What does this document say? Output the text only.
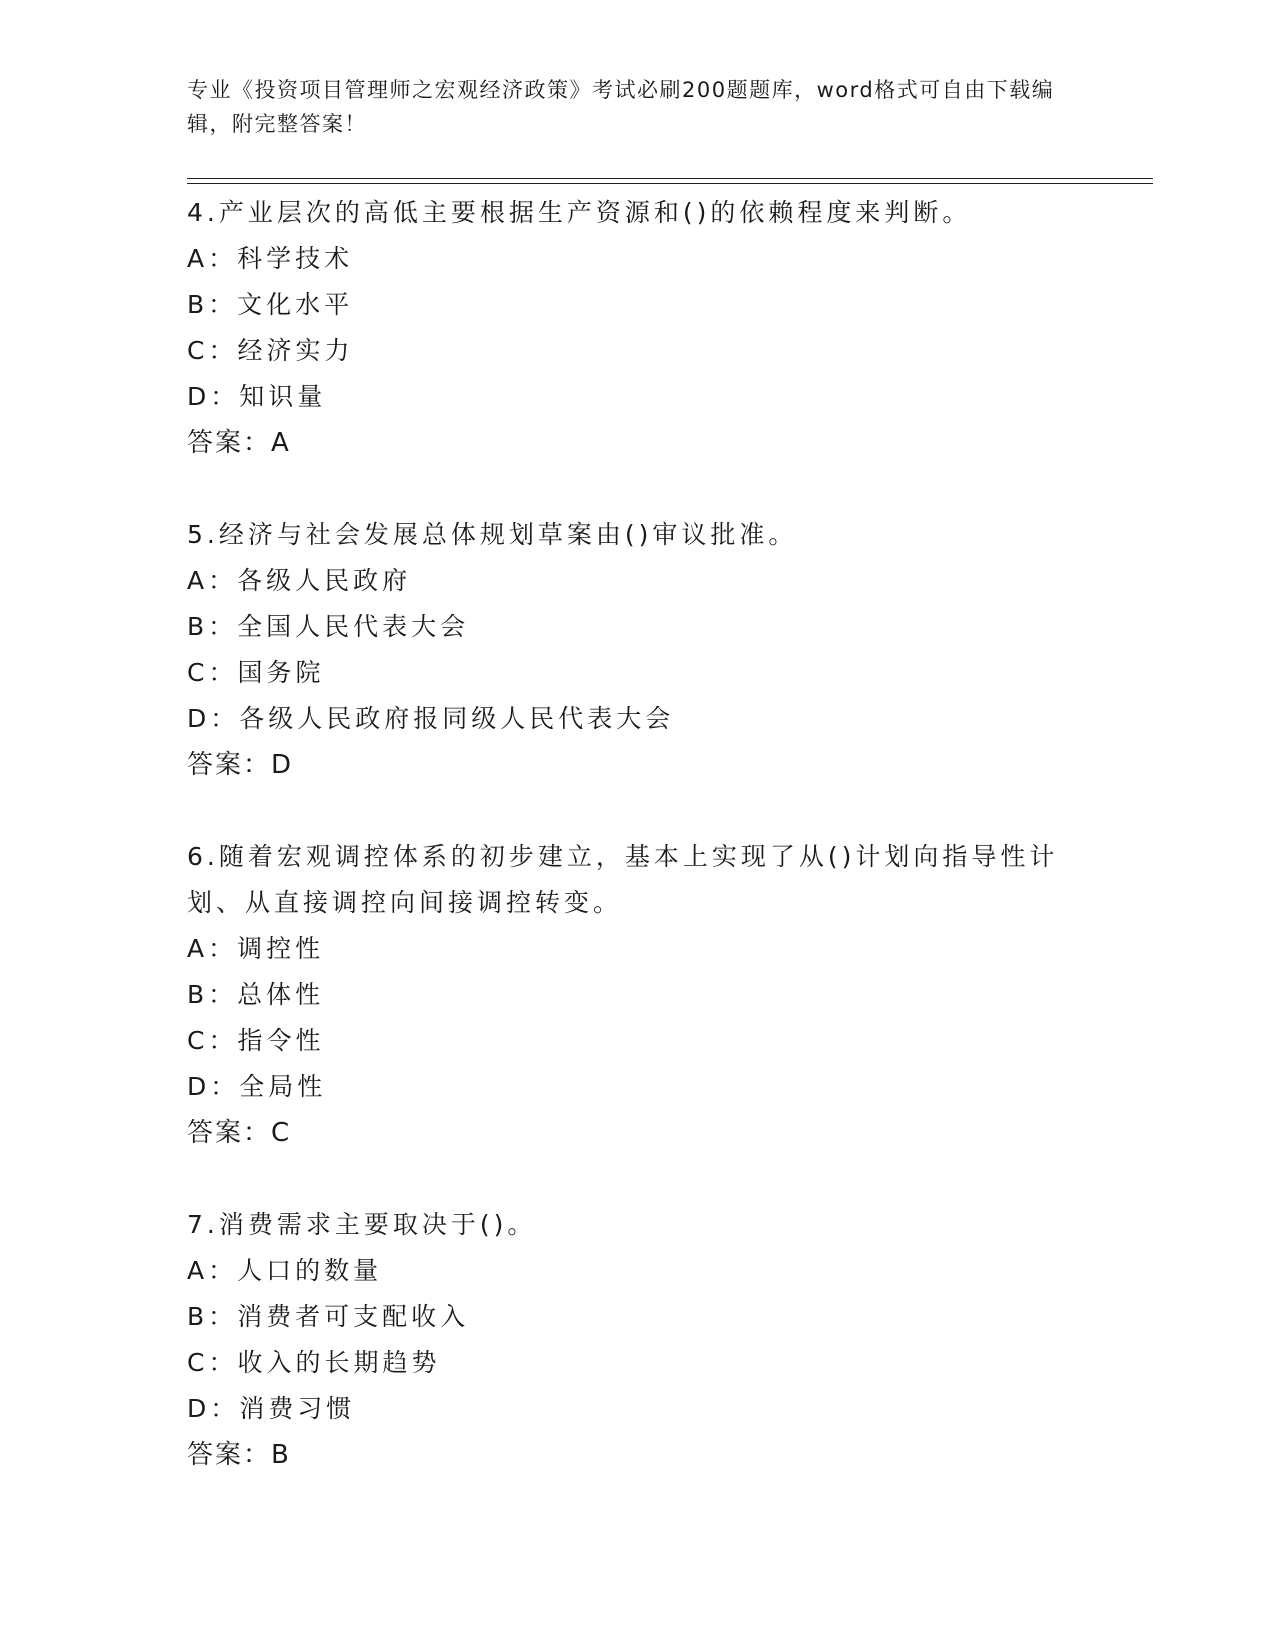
专业《投资项目管理师之宏观经济政策》考试必刷200题题库，word格式可自由下载编辑，附完整答案！
4.产业层次的高低主要根据生产资源和()的依赖程度来判断。
A：科学技术
B：文化水平
C：经济实力
D：知识量
答案：A
5.经济与社会发展总体规划草案由()审议批准。
A：各级人民政府
B：全国人民代表大会
C：国务院
D：各级人民政府报同级人民代表大会
答案：D
6.随着宏观调控体系的初步建立，基本上实现了从()计划向指导性计划、从直接调控向间接调控转变。
A：调控性
B：总体性
C：指令性
D：全局性
答案：C
7.消费需求主要取决于()。
A：人口的数量
B：消费者可支配收入
C：收入的长期趋势
D：消费习惯
答案：B
